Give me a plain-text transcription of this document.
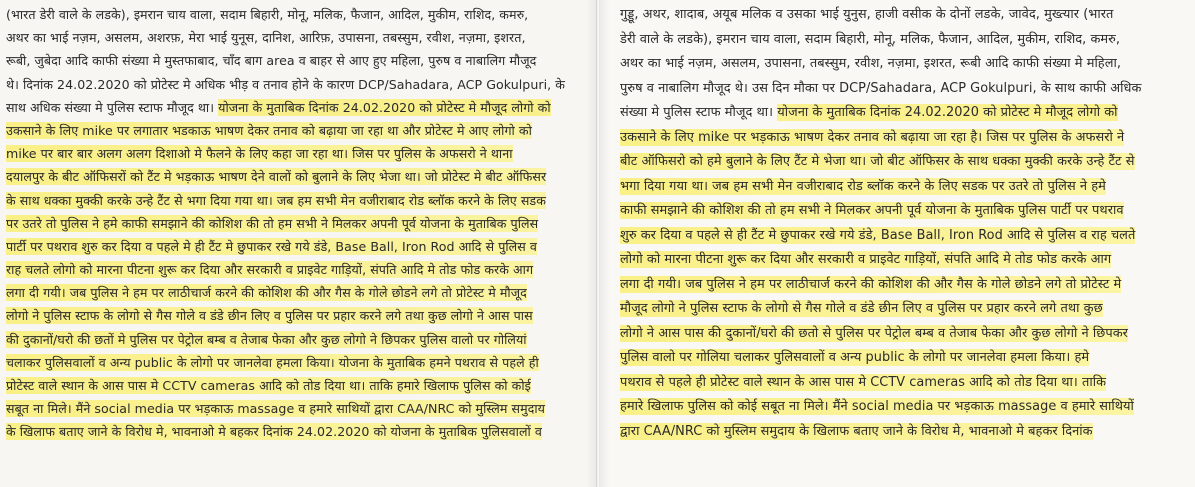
(भारत डेरी वाले के लडके), इमरान चाय वाला, सदाम बिहारी, मोनू, मलिक, फैजान, आदिल, मुकीम, राशिद, कमरु,
अथर का भाई नज़म, असलम, अशरफ़, मेरा भाई युनूस, दानिश, आरिफ़, उपासना, तबस्सुम, रवीश, नज़मा, इशरत,
रूबी, जुबेदा आदि काफी संख्या मे मुस्तफाबाद, चाँद बाग area व बाहर से आए हुए महिला, पुरुष व नाबालिग मौजूद
थे। दिनांक 24.02.2020 को प्रोटेस्ट मे अधिक भीड़ व तनाव होने के कारण DCP/Sahadara, ACP Gokulpuri, के
साथ अधिक संख्या मे पुलिस स्टाफ मौजूद था। योजना के मुताबिक दिनांक 24.02.2020 को प्रोटेस्ट मे मौजूद लोगो को
उकसाने के लिए mike पर लगातार भडकाऊ भाषण देकर तनाव को बढ़ाया जा रहा था और प्रोटेस्ट मे आए लोगो को
mike पर बार बार अलग अलग दिशाओ मे फैलने के लिए कहा जा रहा था। जिस पर पुलिस के अफसरो ने थाना
दयालपुर के बीट ऑफिसरों को टैंट मे भड़काऊ भाषण देने वालों को बुलाने के लिए भेजा था। जो प्रोटेस्ट मे बीट ऑफिसर
के साथ धक्का मुक्की करके उन्हे टैंट से भगा दिया गया था। जब हम सभी मेन वजीराबाद रोड ब्लॉक करने के लिए सडक
पर उतरे तो पुलिस ने हमे काफी समझाने की कोशिश की तो हम सभी ने मिलकर अपनी पूर्व योजना के मुताबिक पुलिस
पार्टी पर पथराव शुरु कर दिया व पहले मे ही टैंट मे छुपाकर रखे गये डंडे, Base Ball, Iron Rod आदि से पुलिस व
राह चलते लोगो को मारना पीटना शुरू कर दिया और सरकारी व प्राइवेट गाड़ियों, संपति आदि मे तोड फोड करके आग
लगा दी गयी। जब पुलिस ने हम पर लाठीचार्ज करने की कोशिश की और गैस के गोले छोडने लगे तो प्रोटेस्ट मे मौजूद
लोगो ने पुलिस स्टाफ के लोगो से गैस गोले व डंडे छीन लिए व पुलिस पर प्रहार करने लगे तथा कुछ लोगो ने आस पास
की दुकानों/घरो की छतों मे पुलिस पर पेट्रोल बम्ब व तेजाब फेका और कुछ लोगो ने छिपकर पुलिस वालो पर गोलियां
चलाकर पुलिसवालों व अन्य public के लोगो पर जानलेवा हमला किया। योजना के मुताबिक हमने पथराव से पहले ही
प्रोटेस्ट वाले स्थान के आस पास मे CCTV cameras आदि को तोड दिया था। ताकि हमारे खिलाफ पुलिस को कोई
सबूत ना मिले। मैंने social media पर भड़काऊ massage व हमारे साथियों द्वारा CAA/NRC को मुस्लिम समुदाय
के खिलाफ बताए जाने के विरोध मे, भावनाओ मे बहकर दिनांक 24.02.2020 को योजना के मुताबिक पुलिसवालों व
गुड्डू, अथर, शादाब, अयूब मलिक व उसका भाई युनुस, हाजी वसीक के दोनों लडके, जावेद, मुख्त्यार (भारत
डेरी वाले के लडके), इमरान चाय वाला, सदाम बिहारी, मोनू, मलिक, फैजान, आदिल, मुकीम, राशिद, कमरु,
अथर का भाई नज़म, असलम, उपासना, तबस्सुम, रवीश, नज़मा, इशरत, रूबी आदि काफी संख्या मे महिला,
पुरुष व नाबालिग मौजूद थे। उस दिन मौका पर DCP/Sahadara, ACP Gokulpuri, के साथ काफी अधिक
संख्या मे पुलिस स्टाफ मौजूद था। योजना के मुताबिक दिनांक 24.02.2020 को प्रोटेस्ट मे मौजूद लोगो को
उकसाने के लिए mike पर भड़काऊ भाषण देकर तनाव को बढ़ाया जा रहा है। जिस पर पुलिस के अफसरो ने
बीट ऑफिसरो को हमे बुलाने के लिए टैंट मे भेजा था। जो बीट ऑफिसर के साथ धक्का मुक्की करके उन्हे टैंट से
भगा दिया गया था। जब हम सभी मेन वजीराबाद रोड ब्लॉक करने के लिए सडक पर उतरे तो पुलिस ने हमे
काफी समझाने की कोशिश की तो हम सभी ने मिलकर अपनी पूर्व योजना के मुताबिक पुलिस पार्टी पर पथराव
शुरु कर दिया व पहले से ही टैंट मे छुपाकर रखे गये डंडे, Base Ball, Iron Rod आदि से पुलिस व राह चलते
लोगो को मारना पीटना शुरू कर दिया और सरकारी व प्राइवेट गाड़ियों, संपति आदि मे तोड फोड करके आग
लगा दी गयी। जब पुलिस ने हम पर लाठीचार्ज करने की कोशिश की और गैस के गोले छोडने लगे तो प्रोटेस्ट मे
मौजूद लोगो ने पुलिस स्टाफ के लोगो से गैस गोले व डंडे छीन लिए व पुलिस पर प्रहार करने लगे तथा कुछ
लोगो ने आस पास की दुकानों/घरो की छतो से पुलिस पर पेट्रोल बम्ब व तेजाब फेका और कुछ लोगो ने छिपकर
पुलिस वालो पर गोलिया चलाकर पुलिसवालों व अन्य public के लोगो पर जानलेवा हमला किया। हमे
पथराव से पहले ही प्रोटेस्ट वाले स्थान के आस पास मे CCTV cameras आदि को तोड दिया था। ताकि
हमारे खिलाफ पुलिस को कोई सबूत ना मिले। मैंने social media पर भड़काऊ massage व हमारे साथियों
द्वारा CAA/NRC को मुस्लिम समुदाय के खिलाफ बताए जाने के विरोध मे, भावनाओ मे बहकर दिनांक
